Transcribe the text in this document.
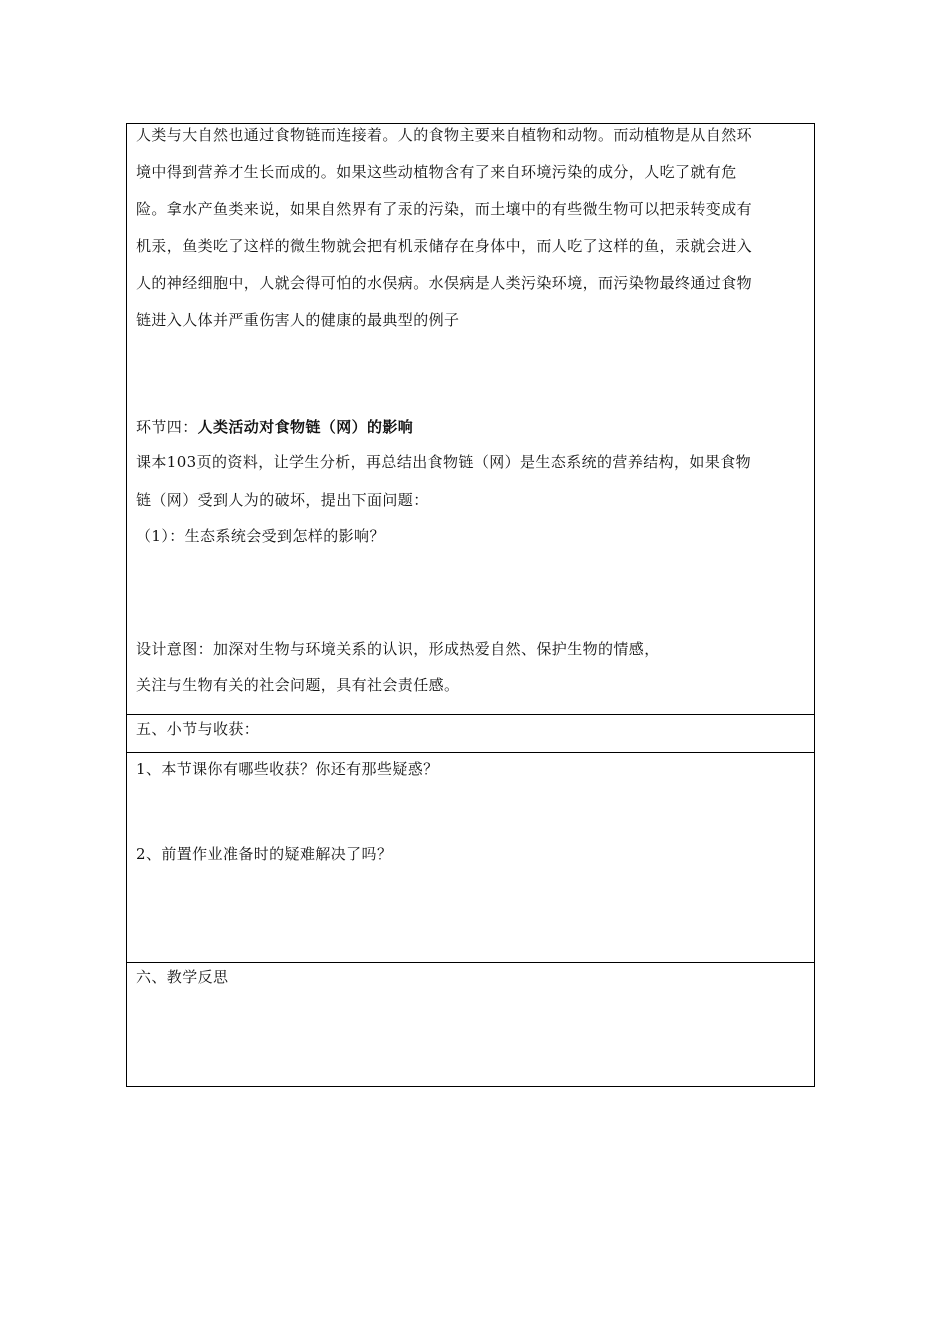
人类与大自然也通过食物链而连接着。人的食物主要来自植物和动物。而动植物是从自然环

境中得到营养才生长而成的。如果这些动植物含有了来自环境污染的成分，人吃了就有危

险。拿水产鱼类来说，如果自然界有了汞的污染，而土壤中的有些微生物可以把汞转变成有

机汞，鱼类吃了这样的微生物就会把有机汞储存在身体中，而人吃了这样的鱼，汞就会进入

人的神经细胞中，人就会得可怕的水俣病。水俣病是人类污染环境，而污染物最终通过食物

链进入人体并严重伤害人的健康的最典型的例子

环节四：人类活动对食物链（网）的影响

课本103页的资料，让学生分析，再总结出食物链（网）是生态系统的营养结构，如果食物

链（网）受到人为的破坏，提出下面问题：

（1）：生态系统会受到怎样的影响？

设计意图：加深对生物与环境关系的认识，形成热爱自然、保护生物的情感，

关注与生物有关的社会问题，具有社会责任感。

五、小节与收获：

1、本节课你有哪些收获？你还有那些疑惑？

2、前置作业准备时的疑难解决了吗？

六、教学反思
